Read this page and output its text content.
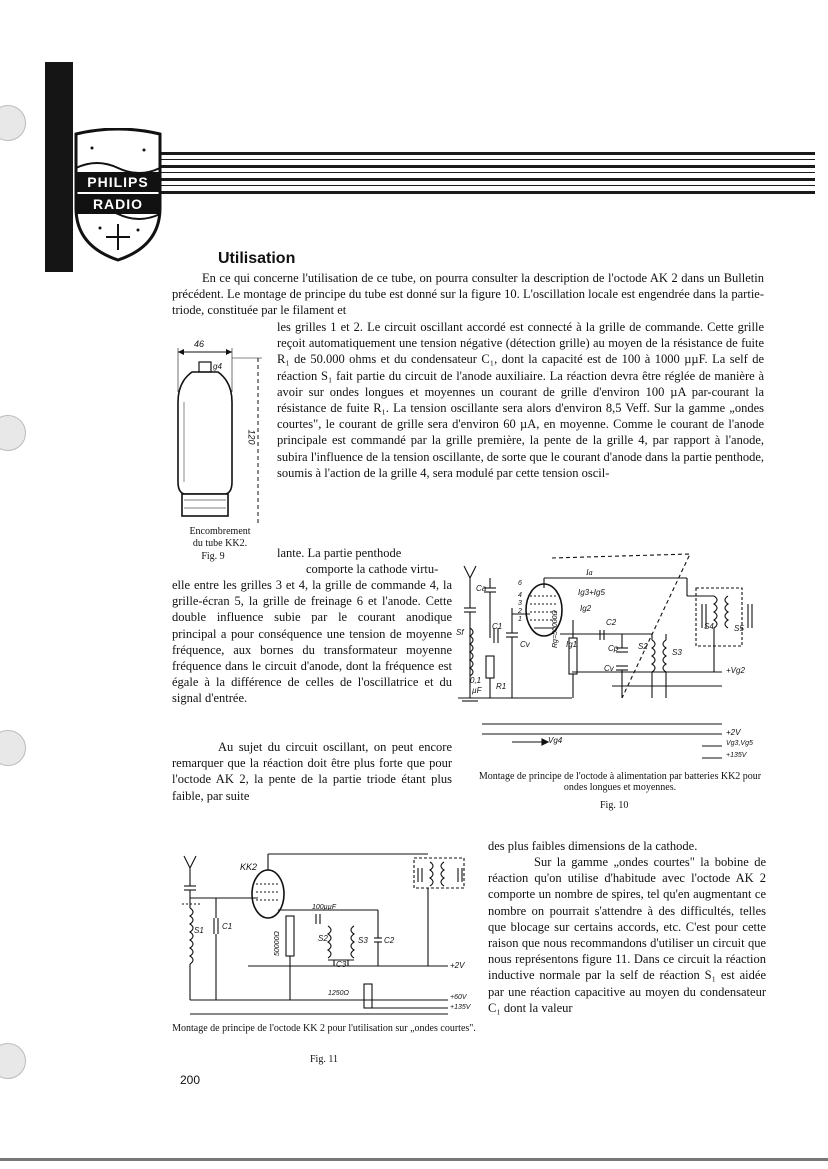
PHILIPS
RADIO
Utilisation

En ce qui concerne l'utilisation de ce tube, on pourra consulter la description de l'octode AK 2 dans un Bulletin précédent. Le montage de principe du tube est donné sur la figure 10. L'oscillation locale est engendrée dans la partie-triode, constituée par le filament et

les grilles 1 et 2. Le circuit oscillant accordé est connecté à la grille de commande. Cette grille reçoit automatiquement une tension négative (détection grille) au moyen de la résistance de fuite R₁ de 50.000 ohms et du condensateur C₁, dont la capacité est de 100 à 1000 µµF. La self de réaction S₁ fait partie du circuit de l'anode auxiliaire. La réaction devra être réglée de manière à avoir sur ondes longues et moyennes un courant de grille d'environ 100 µA par-courant la résistance de fuite R₁. La tension oscillante sera alors d'environ 8,5 Veff. Sur la gamme „ondes courtes", le courant de grille sera d'environ 60 µA, en moyenne. Comme le courant de l'anode principale est commandé par la grille première, la pente de la grille 4, par rapport à l'anode, subira l'influence de la tension oscillante, de sorte que le courant d'anode dans la partie penthode, soumis à l'action de la grille 4, sera modulé par cette tension oscil-

lante. La partie penthode

comporte la cathode virtu-

elle entre les grilles 3 et 4, la grille de commande 4, la grille-écran 5, la grille de freinage 6 et l'anode. Cette double influence subie par le courant anodique principal a pour conséquence une tension de moyenne fréquence, aux bornes du transformateur moyenne fréquence dans le circuit d'anode, dont la fréquence est égale à la différence de celles de l'oscillatrice et du signal d'entrée.

Au sujet du circuit oscillant, on peut encore remarquer que la réaction doit être plus forte que pour l'octode AK 2, la pente de la partie triode étant plus faible, par suite

des plus faibles dimensions de la cathode.

Sur la gamme „ondes courtes" la bobine de réaction qu'on utilise d'habitude avec l'octode AK 2 comporte un nombre de spires, tel qu'en augmentant ce nombre on pourrait s'attendre à des difficultés, telles que blocage sur certains accords, etc. C'est pour cette raison que nous recommandons d'utiliser un circuit que nous représentons figure 11. Dans ce circuit la réaction inductive normale par la self de réaction S₁ est aidée par une réaction capacitive au moyen du condensateur C₁ dont la valeur

46
g4
120
Encombrement
du tube KK2.
Fig. 9
Ia
Ig3+Ig5
Ig2
Ig1
C2
Cp
Cv
Cv	S2
S3
S4	S5
Ca
C1
Sf
R1
Rg=50000Ω
0,1
µF
+Vg2
Vg4
+2V
Vg3,Vg5
+135V
6
4
3
2
1
Montage de principe de l'octode à alimentation par batteries KK2 pour ondes longues et moyennes.
Fig. 10
KK2
S1 C1
C2
C3
S2	S3
100µµF
50000Ω
1250Ω
+2V
+60V
+135V
Montage de principe de l'octode KK 2 pour l'utilisation sur „ondes courtes".
Fig. 11
200
